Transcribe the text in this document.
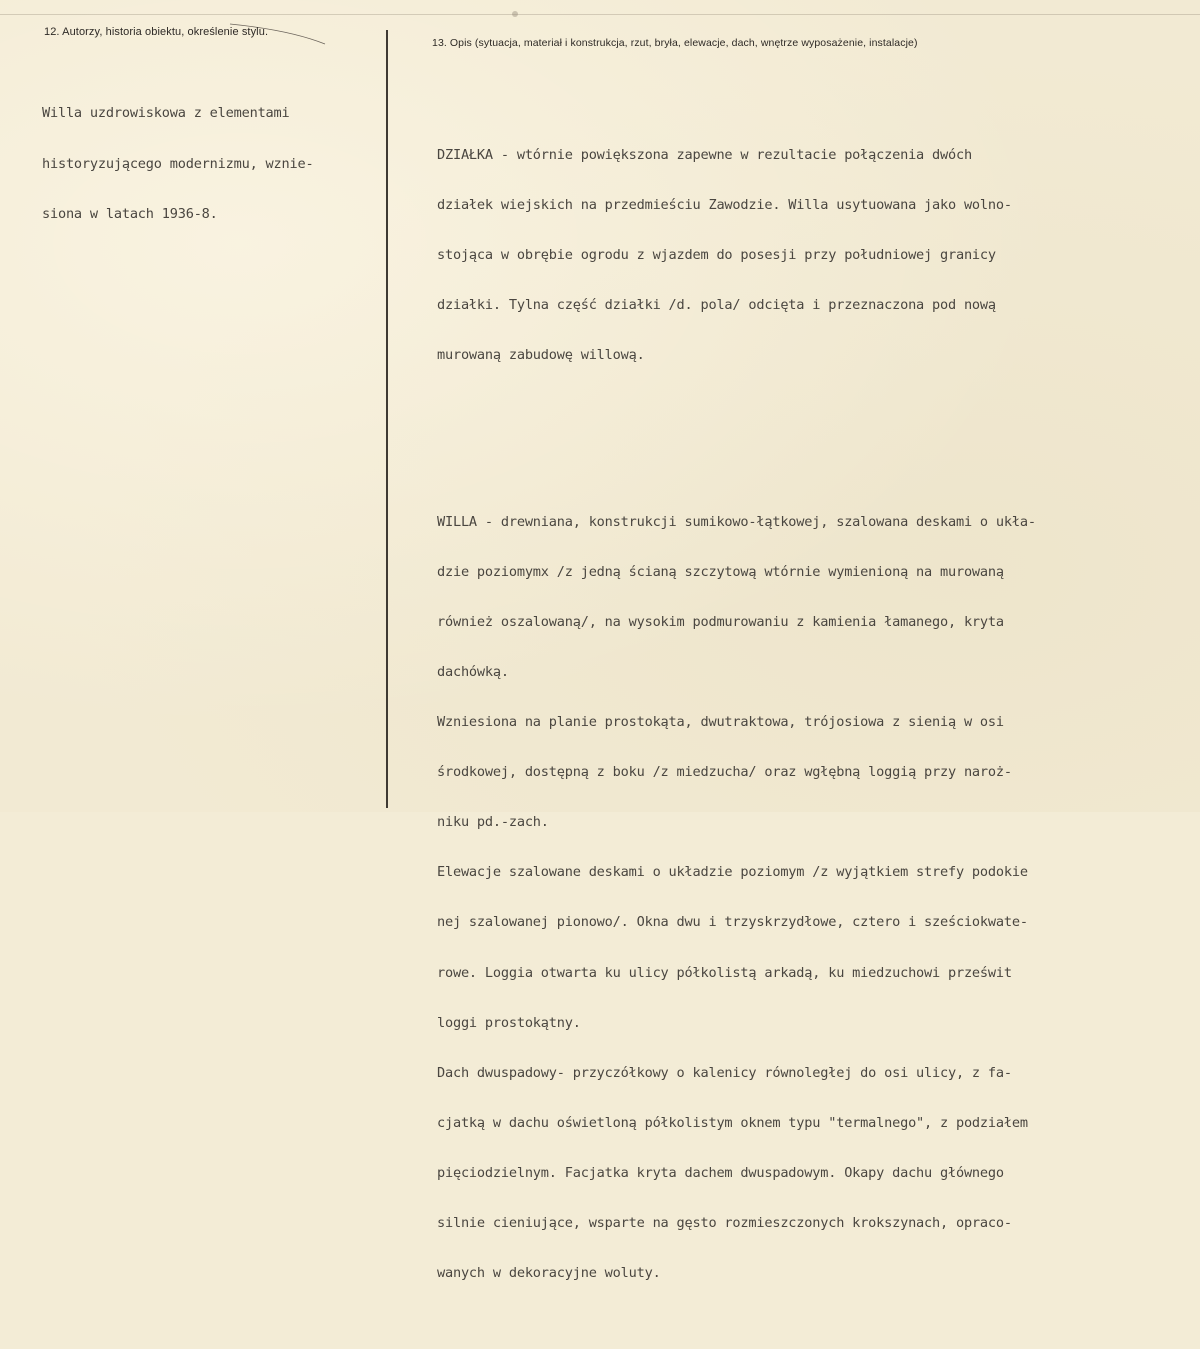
12. Autorzy, historia obiektu, określenie stylu.
13. Opis (sytuacja, materiał i konstrukcja, rzut, bryła, elewacje, dach, wnętrze wyposażenie, instalacje)

Willa uzdrowiskowa z elementami

historyzującego modernizmu, wznie-

siona w latach 1936-8.

DZIAŁKA - wtórnie powiększona zapewne w rezultacie połączenia dwóch

działek wiejskich na przedmieściu Zawodzie. Willa usytuowana jako wolno-

stojąca w obrębie ogrodu z wjazdem do posesji przy południowej granicy

działki. Tylna część działki /d. pola/ odcięta i przeznaczona pod nową

murowaną zabudowę willową.

WILLA - drewniana, konstrukcji sumikowo-łątkowej, szalowana deskami o ukła-

dzie poziomymx /z jedną ścianą szczytową wtórnie wymienioną na murowaną

również oszalowaną/, na wysokim podmurowaniu z kamienia łamanego, kryta

dachówką.

Wzniesiona na planie prostokąta, dwutraktowa, trójosiowa z sienią w osi

środkowej, dostępną z boku /z miedzucha/ oraz wgłębną loggią przy naroż-

niku pd.-zach.

Elewacje szalowane deskami o układzie poziomym /z wyjątkiem strefy podokie

nej szalowanej pionowo/. Okna dwu i trzyskrzydłowe, cztero i sześciokwate-

rowe. Loggia otwarta ku ulicy półkolistą arkadą, ku miedzuchowi prześwit

loggi prostokątny.

Dach dwuspadowy- przyczółkowy o kalenicy równoległej do osi ulicy, z fa-

cjatką w dachu oświetloną półkolistym oknem typu "termalnego", z podziałem

pięciodzielnym. Facjatka kryta dachem dwuspadowym. Okapy dachu głównego

silnie cieniujące, wsparte na gęsto rozmieszczonych krokszynach, opraco-

wanych w dekoracyjne woluty.
